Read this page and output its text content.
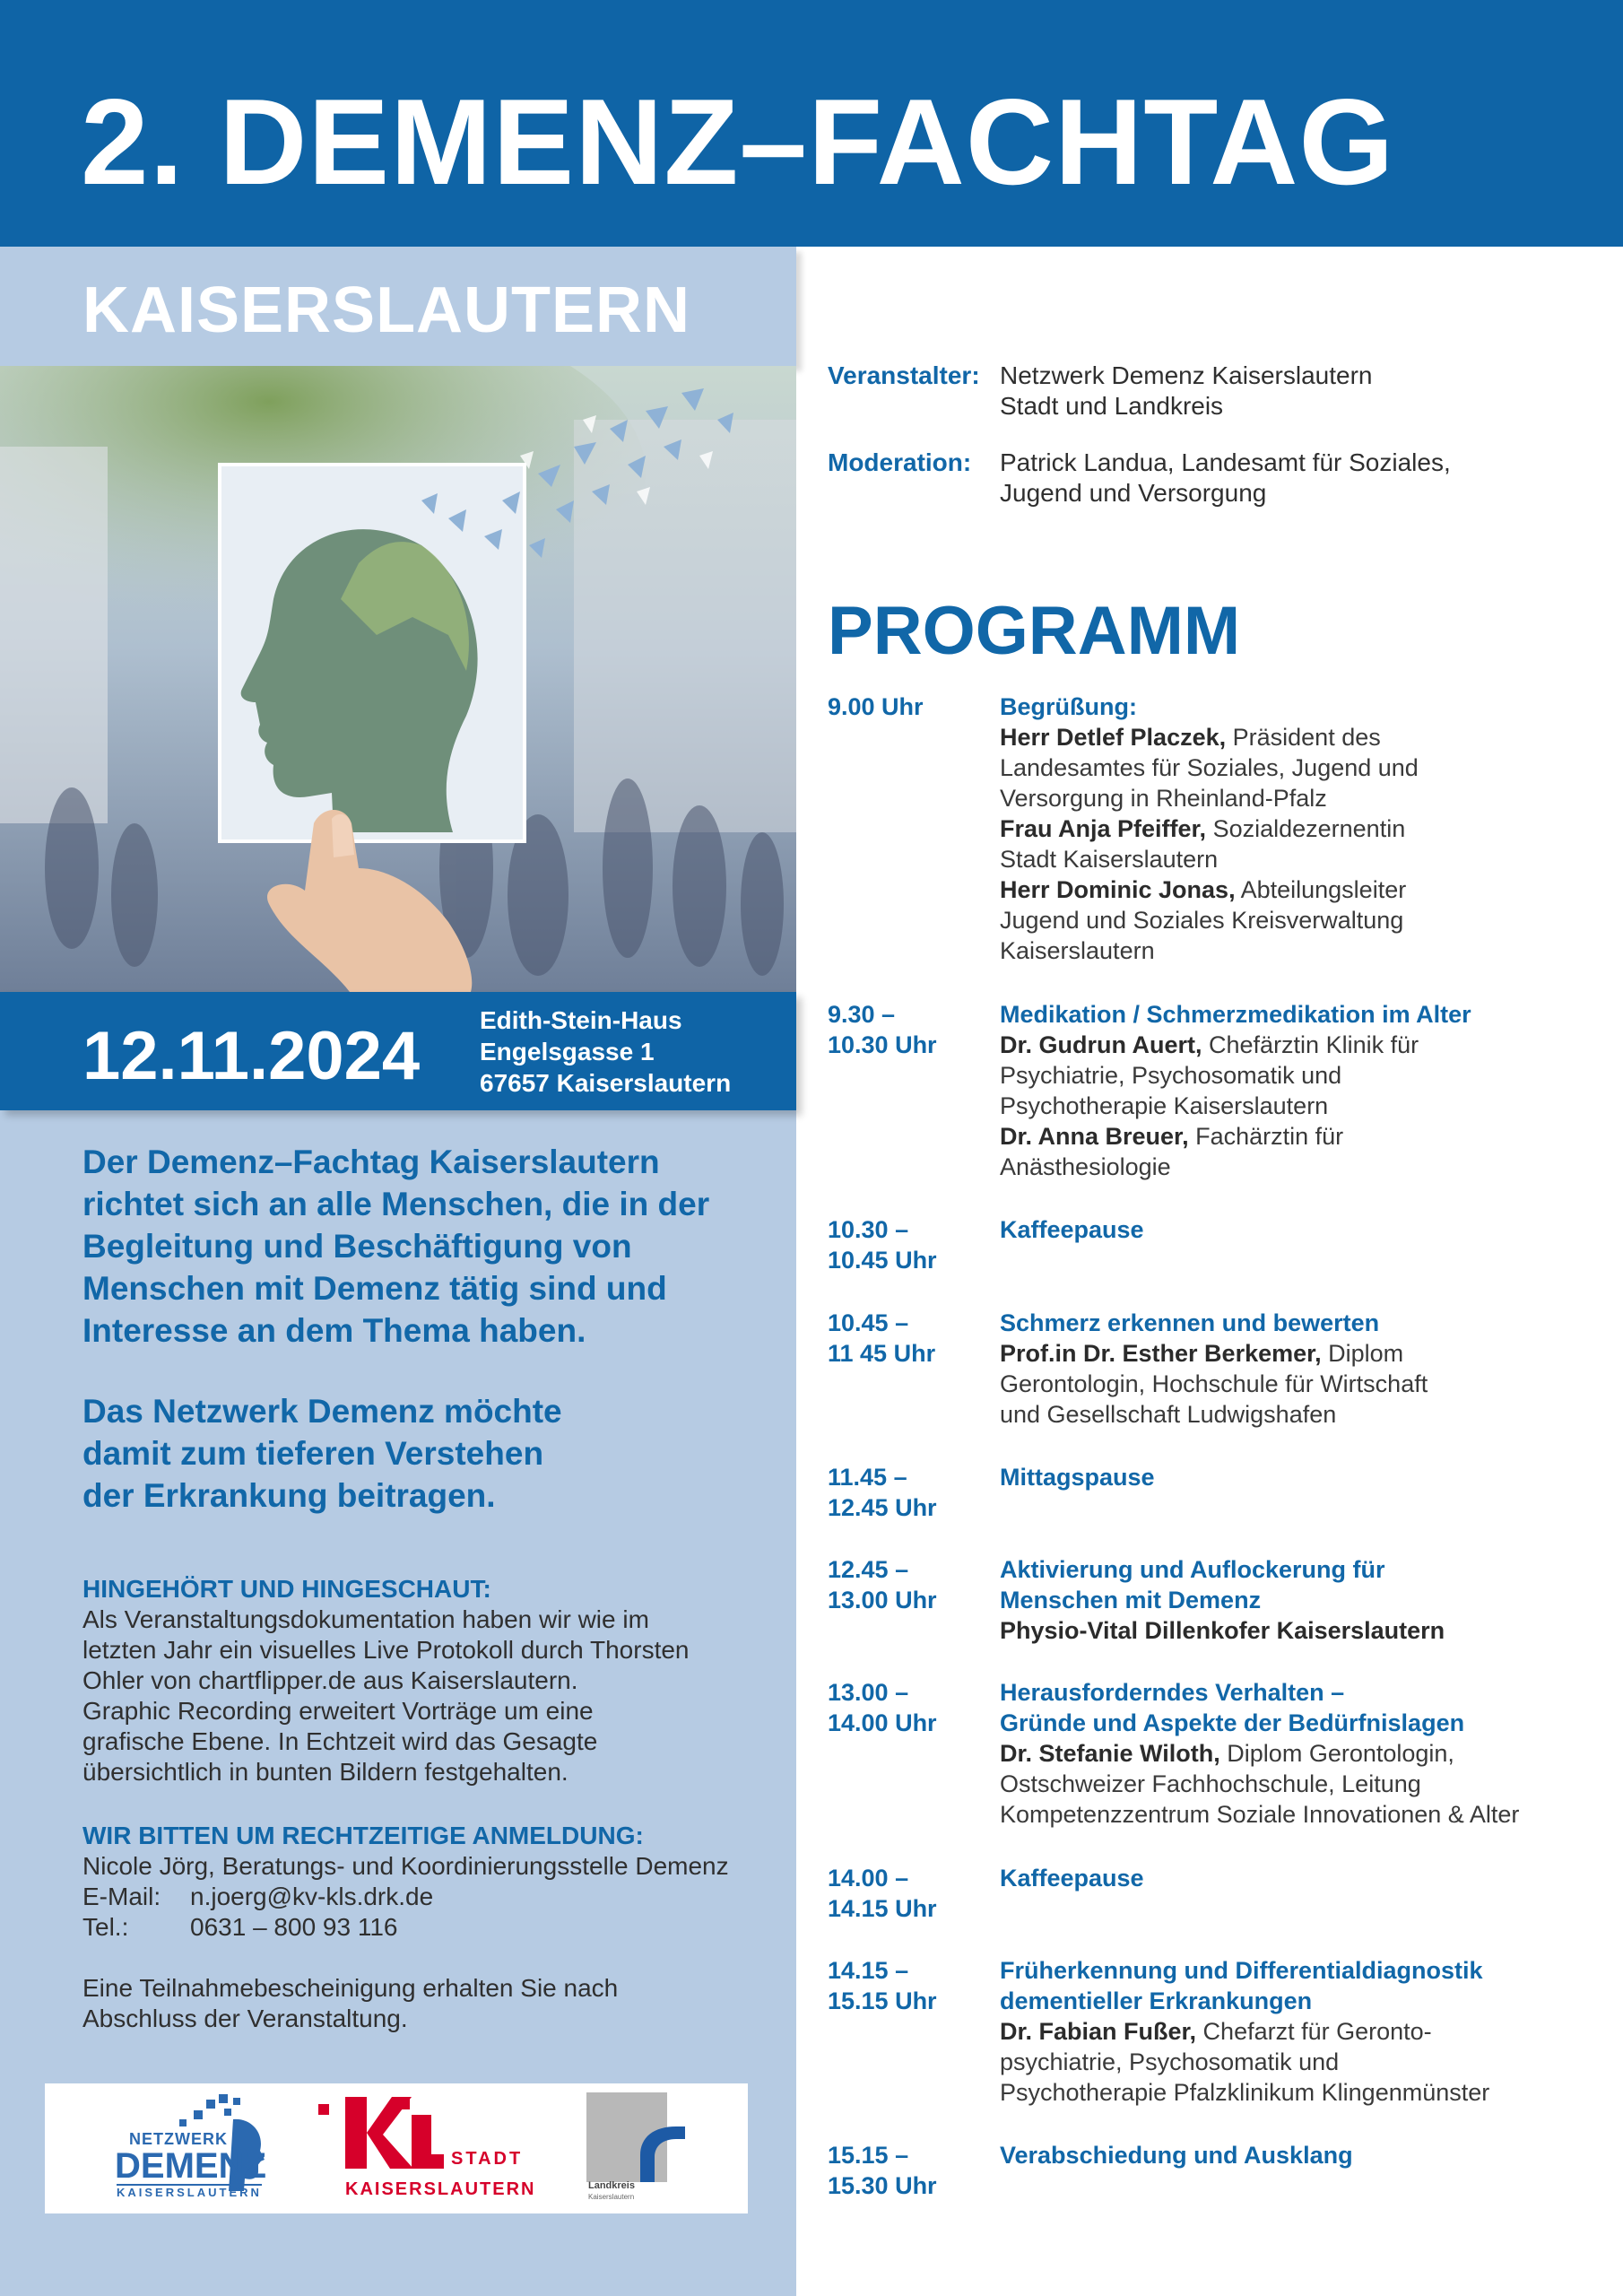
2. DEMENZ–FACHTAG
KAISERSLAUTERN
12.11.2024 Edith-Stein-Haus
Engelsgasse 1
67657 Kaiserslautern
Der Demenz–Fachtag Kaiserslautern
richtet sich an alle Menschen, die in der
Begleitung und Beschäftigung von
Menschen mit Demenz tätig sind und
Interesse an dem Thema haben.
Das Netzwerk Demenz möchte
damit zum tieferen Verstehen
der Erkrankung beitragen.
HINGEHÖRT UND HINGESCHAUT:
Als Veranstaltungsdokumentation haben wir wie im
letzten Jahr ein visuelles Live Protokoll durch Thorsten
Ohler von chartflipper.de aus Kaiserslautern.
Graphic Recording erweitert Vorträge um eine
grafische Ebene. In Echtzeit wird das Gesagte
übersichtlich in bunten Bildern festgehalten.
WIR BITTEN UM RECHTZEITIGE ANMELDUNG:
Nicole Jörg, Beratungs- und Koordinierungsstelle Demenz
E-Mail: n.joerg@kv-kls.drk.de
Tel.: 0631 – 800 93 116
Eine Teilnahmebescheinigung erhalten Sie nach
Abschluss der Veranstaltung.
NETZWERK
DEMENZ
KAISERSLAUTERN
STADT
KAISERSLAUTERN	Landkreis
Kaiserslautern
Veranstalter: Netzwerk Demenz Kaiserslautern
Stadt und Landkreis
Moderation: Patrick Landua, Landesamt für Soziales,
Jugend und Versorgung
PROGRAMM
9.00 Uhr	Begrüßung:
Herr Detlef Placzek, Präsident des
Landesamtes für Soziales, Jugend und
Versorgung in Rheinland-Pfalz
Frau Anja Pfeiffer, Sozialdezernentin
Stadt Kaiserslautern
Herr Dominic Jonas, Abteilungsleiter
Jugend und Soziales Kreisverwaltung
Kaiserslautern
9.30 –
10.30 Uhr
Medikation / Schmerzmedikation im Alter
Dr. Gudrun Auert, Chefärztin Klinik für
Psychiatrie, Psychosomatik und
Psychotherapie Kaiserslautern
Dr. Anna Breuer, Fachärztin für
Anästhesiologie
10.30 –
10.45 Uhr
Kaffeepause
10.45 –
11 45 Uhr
Schmerz erkennen und bewerten
Prof.in Dr. Esther Berkemer, Diplom
Gerontologin, Hochschule für Wirtschaft
und Gesellschaft Ludwigshafen
11.45 –
12.45 Uhr
Mittagspause
12.45 –
13.00 Uhr
Aktivierung und Auflockerung für
Menschen mit Demenz
Physio-Vital Dillenkofer Kaiserslautern
13.00 –
14.00 Uhr
Herausforderndes Verhalten –
Gründe und Aspekte der Bedürfnislagen
Dr. Stefanie Wiloth, Diplom Gerontologin,
Ostschweizer Fachhochschule, Leitung
Kompetenzzentrum Soziale Innovationen & Alter
14.00 –
14.15 Uhr
Kaffeepause
14.15 –
15.15 Uhr
Früherkennung und Differentialdiagnostik
dementieller Erkrankungen
Dr. Fabian Fußer, Chefarzt für Geronto-
psychiatrie, Psychosomatik und
Psychotherapie Pfalzklinikum Klingenmünster
15.15 –
15.30 Uhr
Verabschiedung und Ausklang
